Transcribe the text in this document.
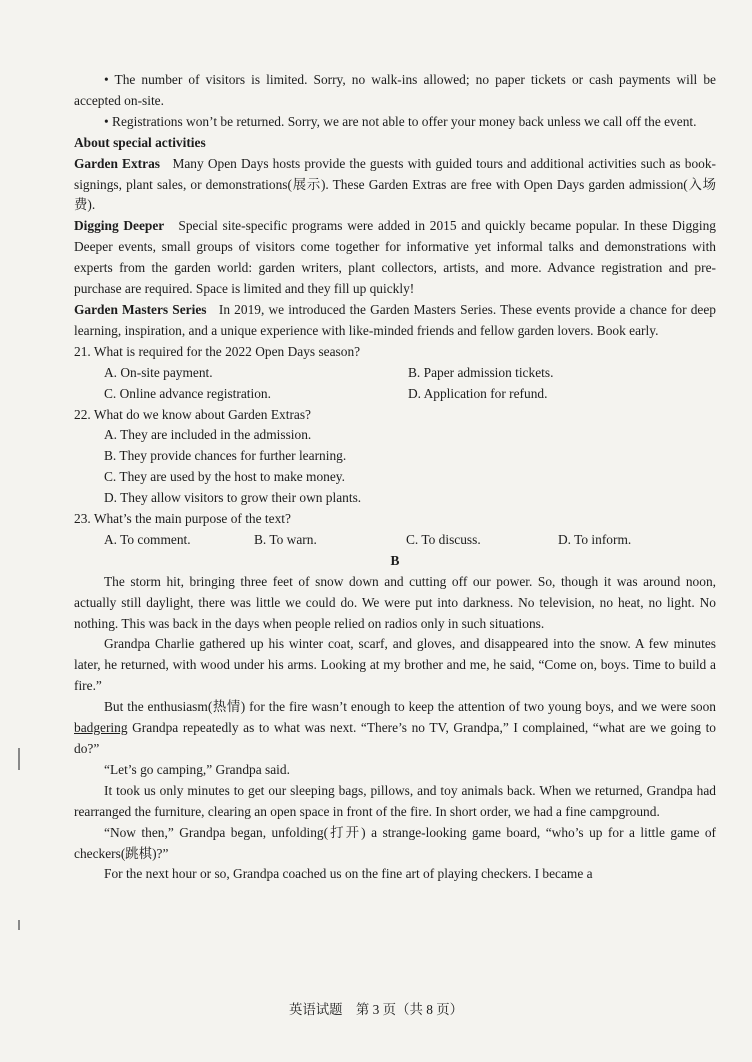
• The number of visitors is limited. Sorry, no walk-ins allowed; no paper tickets or cash payments will be accepted on-site.

• Registrations won’t be returned. Sorry, we are not able to offer your money back unless we call off the event.

About special activities

Garden Extras Many Open Days hosts provide the guests with guided tours and additional activities such as book-signings, plant sales, or demonstrations(展示). These Garden Extras are free with Open Days garden admission(入场费).

Digging Deeper Special site-specific programs were added in 2015 and quickly became popular. In these Digging Deeper events, small groups of visitors come together for informative yet informal talks and demonstrations with experts from the garden world: garden writers, plant collectors, artists, and more. Advance registration and pre-purchase are required. Space is limited and they fill up quickly!

Garden Masters Series In 2019, we introduced the Garden Masters Series. These events provide a chance for deep learning, inspiration, and a unique experience with like-minded friends and fellow garden lovers. Book early.

21. What is required for the 2022 Open Days season?
A. On-site payment.	B. Paper admission tickets.
C. Online advance registration.	D. Application for refund.
22. What do we know about Garden Extras?
A. They are included in the admission.
B. They provide chances for further learning.
C. They are used by the host to make money.
D. They allow visitors to grow their own plants.
23. What’s the main purpose of the text?
A. To comment.	B. To warn.	C. To discuss.	D. To inform.

B

The storm hit, bringing three feet of snow down and cutting off our power. So, though it was around noon, actually still daylight, there was little we could do. We were put into darkness. No television, no heat, no light. No nothing. This was back in the days when people relied on radios only in such situations.

Grandpa Charlie gathered up his winter coat, scarf, and gloves, and disappeared into the snow. A few minutes later, he returned, with wood under his arms. Looking at my brother and me, he said, “Come on, boys. Time to build a fire.”

But the enthusiasm(热情) for the fire wasn’t enough to keep the attention of two young boys, and we were soon badgering Grandpa repeatedly as to what was next. “There’s no TV, Grandpa,” I complained, “what are we going to do?”

“Let’s go camping,” Grandpa said.

It took us only minutes to get our sleeping bags, pillows, and toy animals back. When we returned, Grandpa had rearranged the furniture, clearing an open space in front of the fire. In short order, we had a fine campground.

“Now then,” Grandpa began, unfolding(打开) a strange-looking game board, “who’s up for a little game of checkers(跳棋)?”

For the next hour or so, Grandpa coached us on the fine art of playing checkers. I became a

英语试题　第 3 页（共 8 页）
